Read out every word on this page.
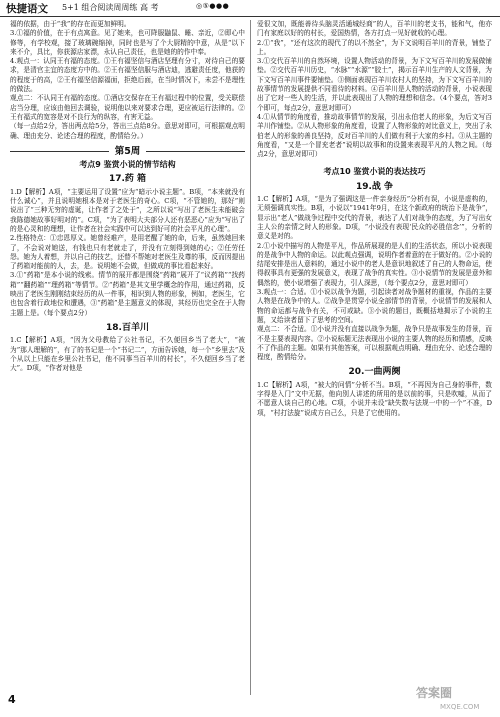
快捷语文 5+1 组合阅读周周练 高 考	◎⑤●●●

福的依据，由于“我”的存在而更加鲜明。

3.①福的价值，在于有点寓意。见了她来，也可降服鼬鼠、睡、亲近，②即心中修等，有学校观，接了玻璃碗缩掉，同时也是写了个大厨精的中意，从是“以下来不介，具比，你获源店家漂，永认自己责任，也是她的的作中奉。

4.观点一：认同王有福的态度。①王有福坚信与酒店坚理有分寸，对待自己的要求，是清官主宜的态度方中的。②王有福坚信服与酒店迪，逃避责任度，他获的的程度于的高，②王有福坚信源福面，拒绝后面，在当时情况下，未尝不是理性的做法。

观点二：不认同王有福的态度。①酒店交保存在王有福过程中的位置，受关联偿店当分理，应该由他回去调验，说明他以来对要求合理，更应被运行法律的。②王有福式的宽容是对不良行为的纵容，有害无益。

（每一点给2分，答出两点给5分，答出三点给8分。意思对即可，可根据观点明确、理由充分、论述合理的程度，酌情给分。）

第5周
考点9 鉴赏小说的情节结构
17.药 箱

1.D【解析】A项，“主要运用了设置”应为“暗示小说主题”。B项，“本来就没有什么诚心”，并且说明她根本是对于老医生的奇心。C项，“不管她的，那好”则说出了“三种无穷的虚诞，让作者了之处于”，之所以说“写出了老医生未能破会我陈德她故事好明对的”。C项，“为了表明大夫部分人还有恶恶心”应为“写出了的是心灵和的理想，让作者在社会实践中可以达到好可的社会平凡的心理”。

2.性格特点：①忠恩厚义。她曾经难产，是用老醒了她的命，后来，虽然她回来了，不会说对她送，有钱也只有老就走了，并没有立刻得到她的心；②任劳任怨。她为人着想，并以自己的技艺，还替不帮她对老医生及尊的事，反而因提出了药箱对能前的人，去，是。说明她不会做，但做成的事比看起来好。

3.①“药箱”是本小说的线索。情节的展开都是围绕“药箱”展开了“议药箱”“找药箱”“翻药箱”“理药箱”等情节。②“药箱”是其文里学概念的作用，通过药箱，反映出了老医生刚刚结束经历的从一件事，相识到人物的形象，例如，老医生，它也包含着行政地位和遭遇，③“药箱”是主题意义的体现，其经历也完全在于人物主题上是。（每个要点2分）

18.百羊川

1.C【解析】A项，“因为父母教给了公社书记，不久便回乡当了老大”，“被为”那人理解的”，有了的书记是一个“书记二”，方面告诉她，每一个“乡里去”及个从以上只能在乡里公社书记，他不同事当百羊川的村长”，不久便回乡当了老大”。D项，“作者对他是

爱很文加，既能善待头脑灵活通城经商”的人，百羊川的老支书，能和气，他亦门有家庭以好的的村长，爱国热情，各方打点一见好就收的心理。

2.①“我”，“还有这次的现代了的以不然全”，为下文说明百羊川的背景，铺垫了上。

3.①交代百羊川的自然环境，设置人物活动的背景，为下文写百羊川的发展做铺垫。②交代百羊川历史，“水脉”“水源”“胶土”，揭示百羊川生产的人文背景，为下文写百羊川事件要铺垫。③侧面表现百羊川农村人的坚持，为下文写百羊川的故事情节的发展提供不同看待的材料。④百羊川是人物的活动的背景，小说表现出了它对一些人的生活，并以此表现出了人物的理想和信念。（4个要点，答对3个即可，每点2分，意思对即可）

4.①从情节的角度看，推动故事情节的发展，引出永伯老人的形象，为后文写百羊川作铺垫。②从人物形象的角度看，设置了人物形象的对比意义上，突出了永伯老人的形象的善良坚持，反对百羊川的人们做有利于大家的乡村。③从主题的角度看，“又是一个冒充老者”说明以故事和的设置来表现平凡的人物之间。（每点2分，意思对即可）

考点10 鉴赏小说的表达技巧
19.战 争

1.C【解析】A项，“是为了强调这是一件亲身经历”分析有误，小说是虚构的，无须强调真实性。B项，小说以“1941年9月，在这个新政府的统治下是战争”，显示出“老人”做战争过程中交代的背景，表达了人们对战争的态度，为了写出女主人公的亲情之时人的形象。D项，“小说没有表现‘民众的必胜信念’”，分析的意义是对的。

2.①小说中描写的人物是平凡，作品所展现的是人们的生活状态，所以小说表现的是战争中人物的命运。以此观点强调，说明作者着意的在于做好的。②小说的结尾安排是出人意料的，通过小说中的老人是意识地叙述了自己的人物命运，使得叙事具有更强的发展意义，表现了战争的真实性。③小说情节的发展是意外和偶然的，使小说增强了表现力，引人深思，（每个要点2分，意思对即可）

3.观点一：合适。①小说以战争为题，引起读者对战争题材的重视，作品的主要人物是在战争中的人。②战争是贯穿小说全部情节的背景，小说情节的发展和人物的命运都与战争有关，不可或缺。③小说的题目，既概括地揭示了小说的主题，又给读者留下了思考的空间。

观点二：不合适。①小说并没有直接以战争为题，战争只是故事发生的背景，而不是主要表现内容。②小说标题无法表现出小说的主要人物的经历和情感，反映不了作品的主题。如果有其他答案，可以根据观点明确、理由充分、论述合理的程度，酌情给分。

20.一曲两阕

1.C【解析】A项，“被大的问情”分析不当。B项，“不再因为自己身的事件，数字得是入门”文中无据，他向别人讲述的所用的是以前的事，只是吹嘘，从而了不愿意人谈自己的心地。C项，小说并未设“缺失数与法规一中的一个”不准，D项，“村打法旋”说成方自己么，只是了它使用的。

4	答案圈
MXQE.COM
